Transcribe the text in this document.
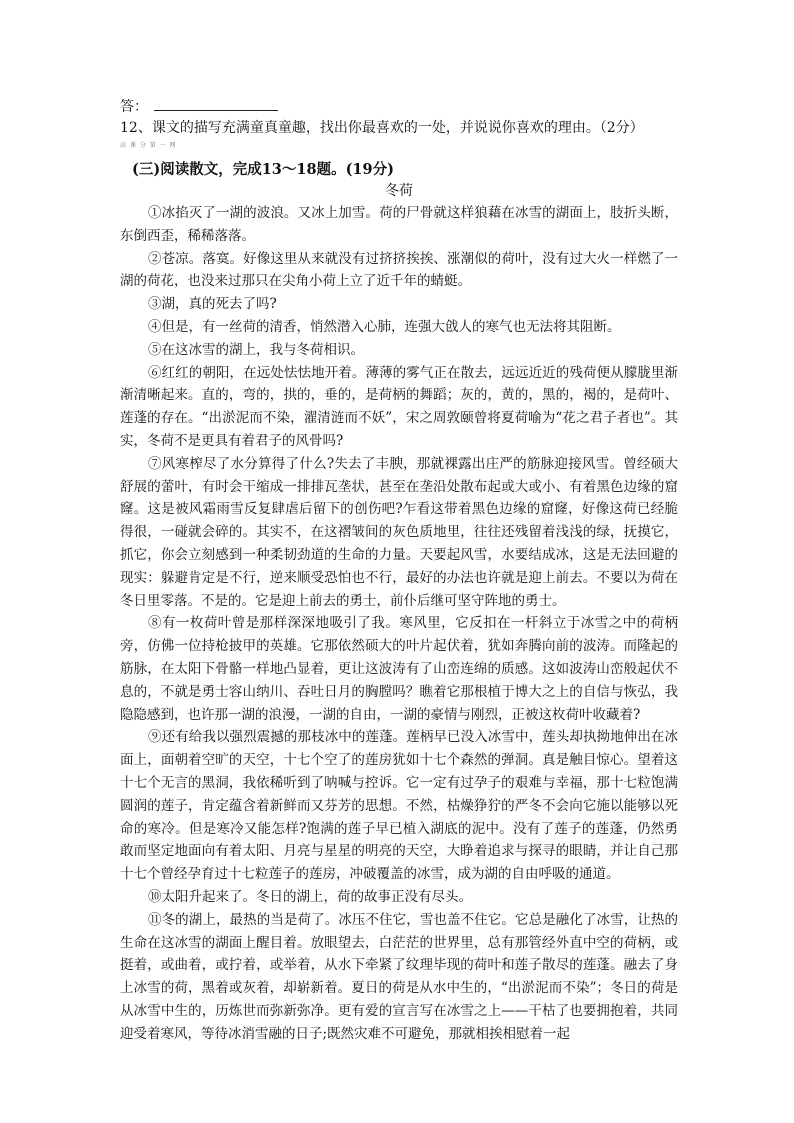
答：
12、课文的描写充满童真童趣，找出你最喜欢的一处，并说说你喜欢的理由。（2分）
高 课 分 第 一 网
(三)阅读散文，完成13～18题。(19分)
冬荷

①冰掐灭了一湖的波浪。又冰上加雪。荷的尸骨就这样狼藉在冰雪的湖面上，肢折头断，东倒西歪，稀稀落落。

②苍凉。落寞。好像这里从来就没有过挤挤挨挨、涨潮似的荷叶，没有过大火一样燃了一湖的荷花，也没来过那只在尖角小荷上立了近千年的蜻蜓。

③湖，真的死去了吗?

④但是，有一丝荷的清香，悄然潜入心肺，连强大戗人的寒气也无法将其阻断。

⑤在这冰雪的湖上，我与冬荷相识。

⑥红红的朝阳，在远处怯怯地开着。薄薄的雾气正在散去，远远近近的残荷便从朦胧里渐渐清晰起来。直的，弯的，拱的，垂的，是荷柄的舞蹈；灰的，黄的，黑的，褐的，是荷叶、莲蓬的存在。“出淤泥而不染，濯清涟而不妖”，宋之周敦颐曾将夏荷喻为“花之君子者也”。其实，冬荷不是更具有着君子的风骨吗?

⑦风寒榨尽了水分算得了什么?失去了丰腴，那就裸露出庄严的筋脉迎接风雪。曾经硕大舒展的蕾叶，有时会干缩成一排排瓦垄状，甚至在垄沿处散布起或大或小、有着黑色边缘的窟窿。这是被风霜雨雪反复肆虐后留下的创伤吧?乍看这带着黑色边缘的窟窿，好像这荷已经脆得很，一碰就会碎的。其实不，在这褶皱间的灰色质地里，往往还残留着浅浅的绿，抚摸它，抓它，你会立刻感到一种柔韧劲道的生命的力量。天要起风雪，水要结成冰，这是无法回避的现实：躲避肯定是不行，逆来顺受恐怕也不行，最好的办法也许就是迎上前去。不要以为荷在冬日里零落。不是的。它是迎上前去的勇士，前仆后继可坚守阵地的勇士。

⑧有一枚荷叶曾是那样深深地吸引了我。寒风里，它反扣在一杆斜立于冰雪之中的荷柄旁，仿佛一位持枪披甲的英雄。它那依然硕大的叶片起伏着，犹如奔腾向前的波涛。而隆起的筋脉，在太阳下骨骼一样地凸显着，更让这波涛有了山峦连绵的质感。这如波涛山峦般起伏不息的，不就是勇士容山纳川、吞吐日月的胸膛吗？瞧着它那根植于博大之上的自信与恢弘，我隐隐感到，也许那一湖的浪漫，一湖的自由，一湖的豪情与刚烈，正被这枚荷叶收藏着?

⑨还有给我以强烈震撼的那枝冰中的莲蓬。莲柄早已没入冰雪中，莲头却执拗地伸出在冰面上，面朝着空旷的天空，十七个空了的莲房犹如十七个森然的弹洞。真是触目惊心。望着这十七个无言的黑洞，我依稀听到了呐喊与控诉。它一定有过孕子的艰难与幸福，那十七粒饱满圆润的莲子，肯定蕴含着新鲜而又芬芳的思想。不然，枯燥狰狞的严冬不会向它施以能够以死命的寒冷。但是寒冷又能怎样?饱满的莲子早已植入湖底的泥中。没有了莲子的莲蓬，仍然勇敢而坚定地面向有着太阳、月亮与星星的明亮的天空，大睁着追求与探寻的眼睛，并让自己那十七个曾经孕育过十七粒莲子的莲房，冲破覆盖的冰雪，成为湖的自由呼吸的通道。

⑩太阳升起来了。冬日的湖上，荷的故事正没有尽头。

⑪冬的湖上，最热的当是荷了。冰压不住它，雪也盖不住它。它总是融化了冰雪，让热的生命在这冰雪的湖面上醒目着。放眼望去，白茫茫的世界里，总有那管经外直中空的荷柄，或挺着，或曲着，或拧着，或举着，从水下牵紧了纹理毕现的荷叶和莲子散尽的莲蓬。融去了身上冰雪的荷，黑着或灰着，却崭新着。夏日的荷是从水中生的，“出淤泥而不染”；冬日的荷是从冰雪中生的，历炼世而弥新弥净。更有爱的宣言写在冰雪之上——干枯了也要拥抱着，共同迎受着寒风，等待冰消雪融的日子;既然灾难不可避免，那就相挨相慰着一起
